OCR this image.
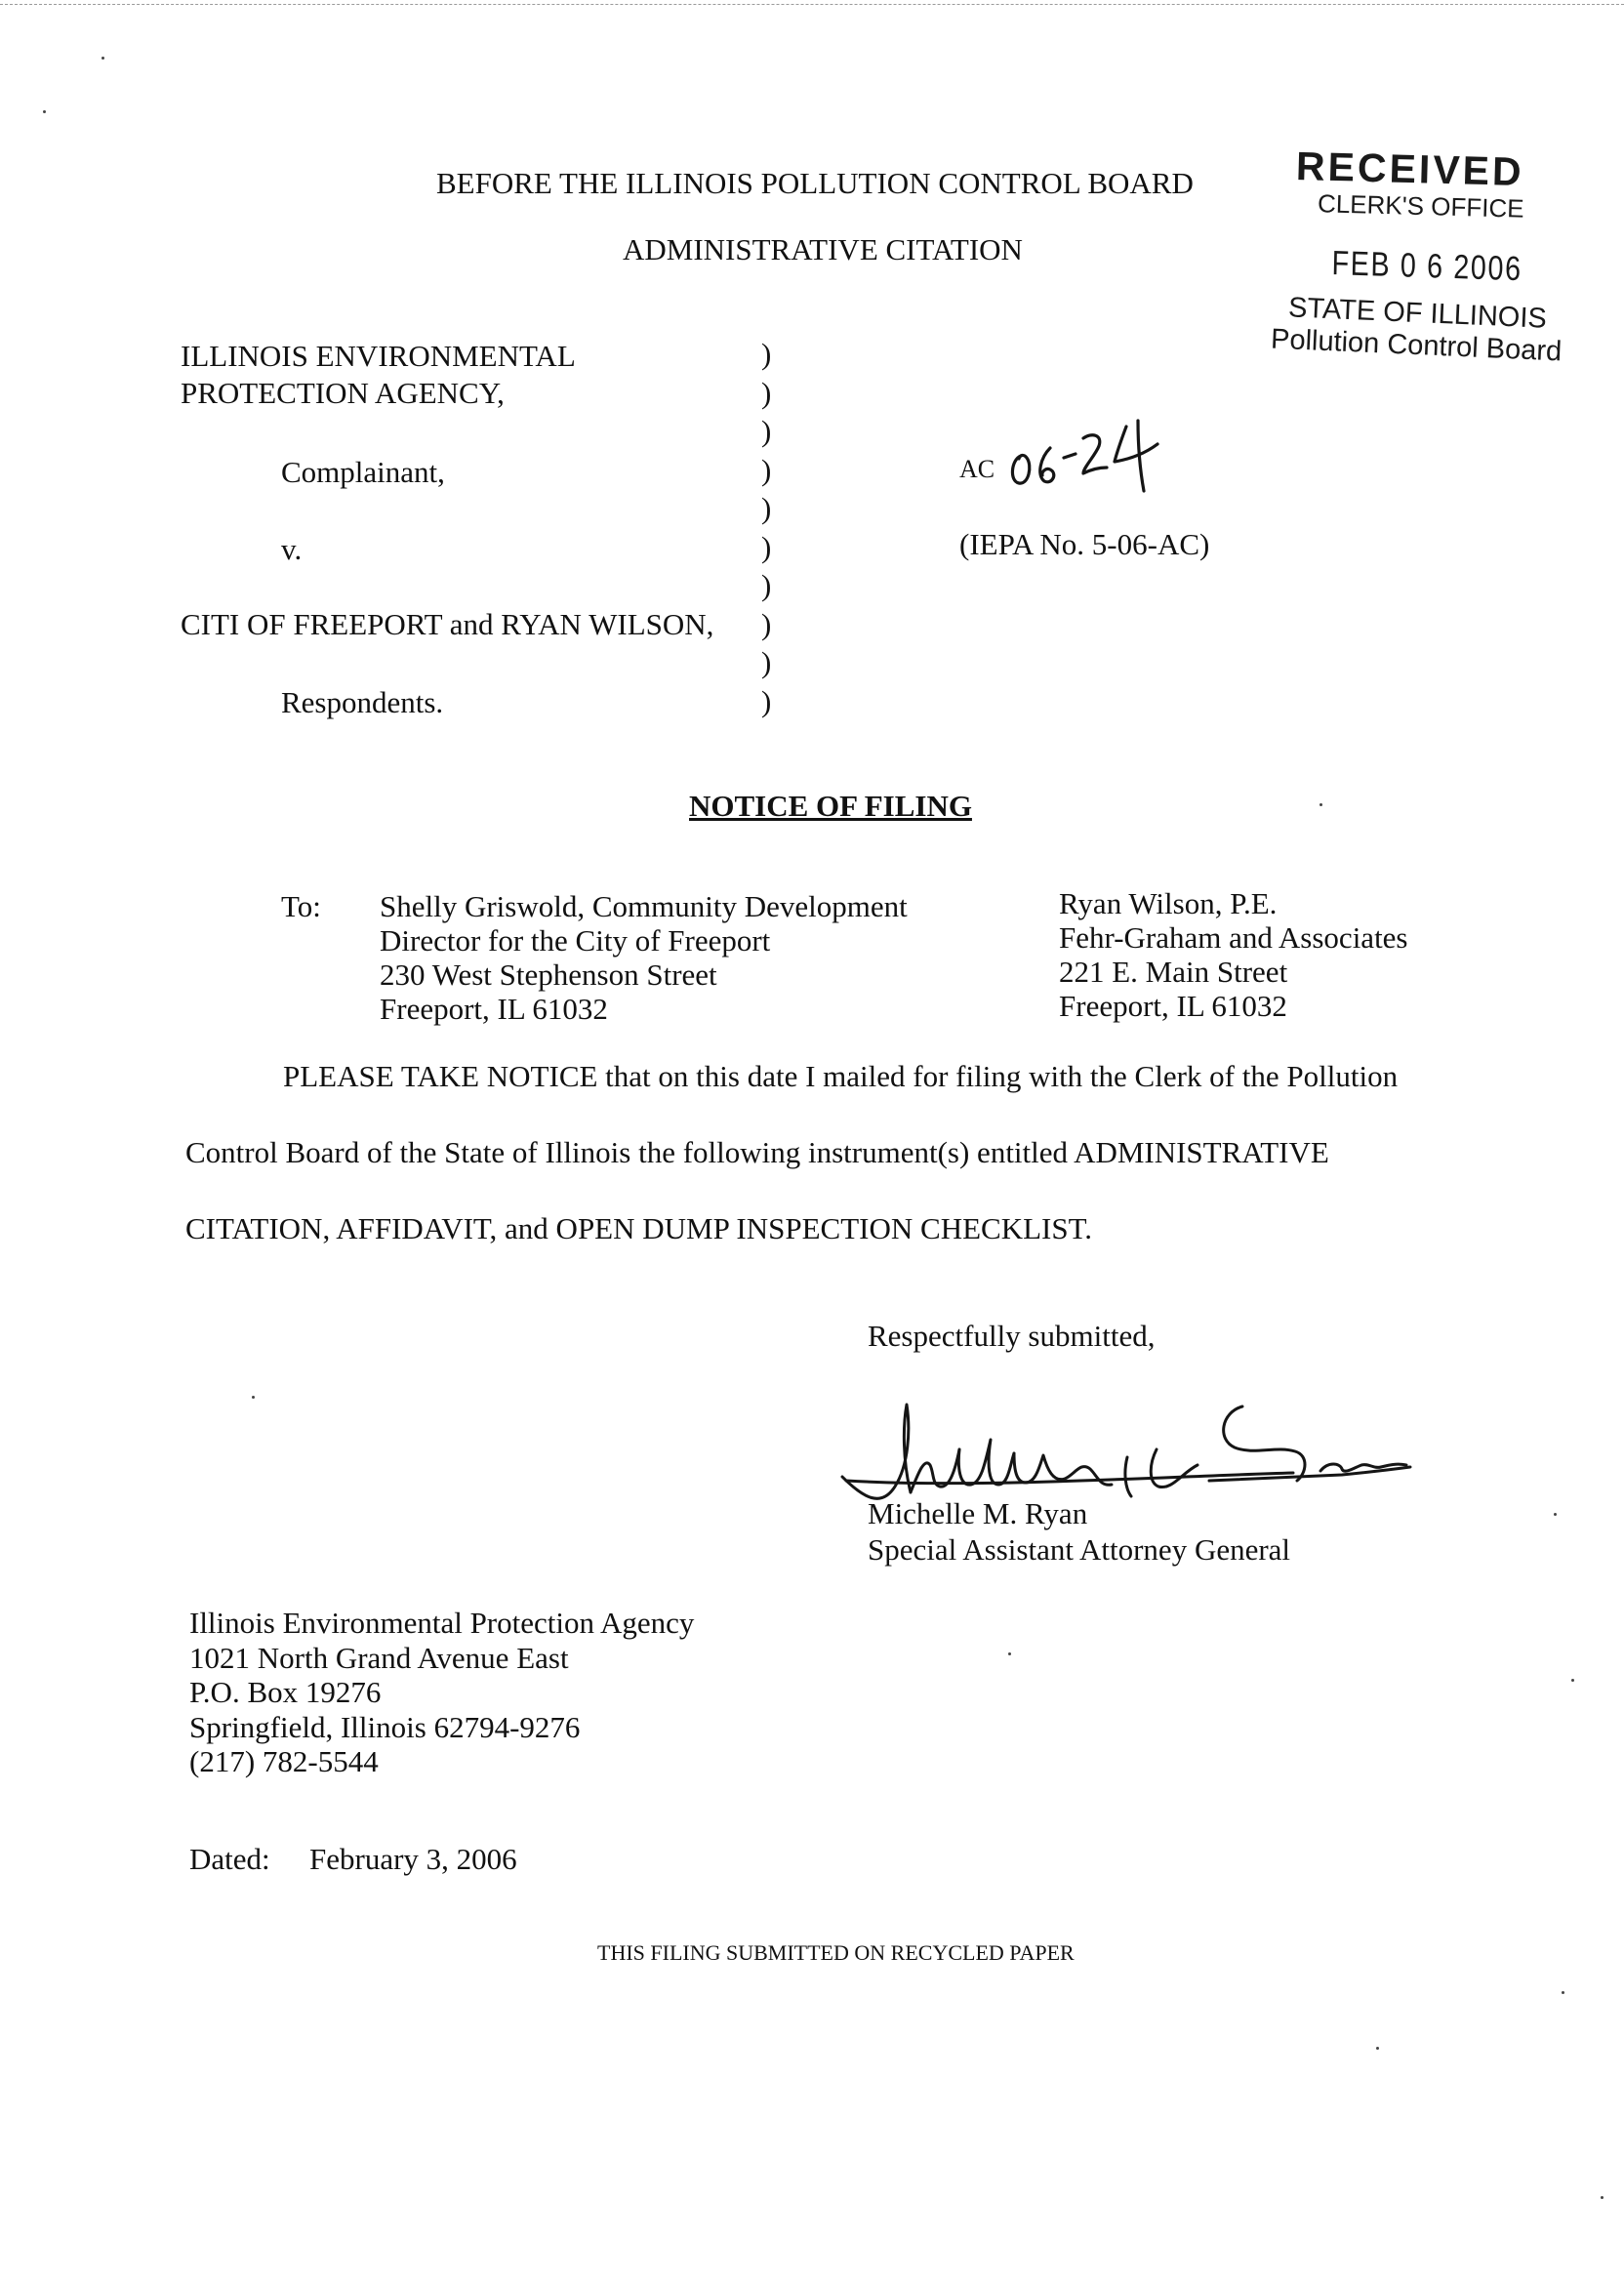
BEFORE THE ILLINOIS POLLUTION CONTROL BOARD
ADMINISTRATIVE CITATION
RECEIVED
CLERK'S OFFICE
FEB 0 6 2006
STATE OF ILLINOIS
Pollution Control Board
ILLINOIS ENVIRONMENTAL
PROTECTION AGENCY,
Complainant,
v.
CITI OF FREEPORT and RYAN WILSON,
Respondents.
)
)
)
)
)
)
)
)
)
)
AC
(IEPA No. 5-06-AC)
NOTICE OF FILING
To: Shelly Griswold, Community Development
Director for the City of Freeport
230 West Stephenson Street
Freeport, IL 61032
Ryan Wilson, P.E.
Fehr-Graham and Associates
221 E. Main Street
Freeport, IL 61032
PLEASE TAKE NOTICE that on this date I mailed for filing with the Clerk of the Pollution
Control Board of the State of Illinois the following instrument(s) entitled ADMINISTRATIVE
CITATION, AFFIDAVIT, and OPEN DUMP INSPECTION CHECKLIST.
Respectfully submitted,
Michelle M. Ryan
Special Assistant Attorney General
Illinois Environmental Protection Agency
1021 North Grand Avenue East
P.O. Box 19276
Springfield, Illinois 62794-9276
(217) 782-5544
Dated: February 3, 2006
THIS FILING SUBMITTED ON RECYCLED PAPER
